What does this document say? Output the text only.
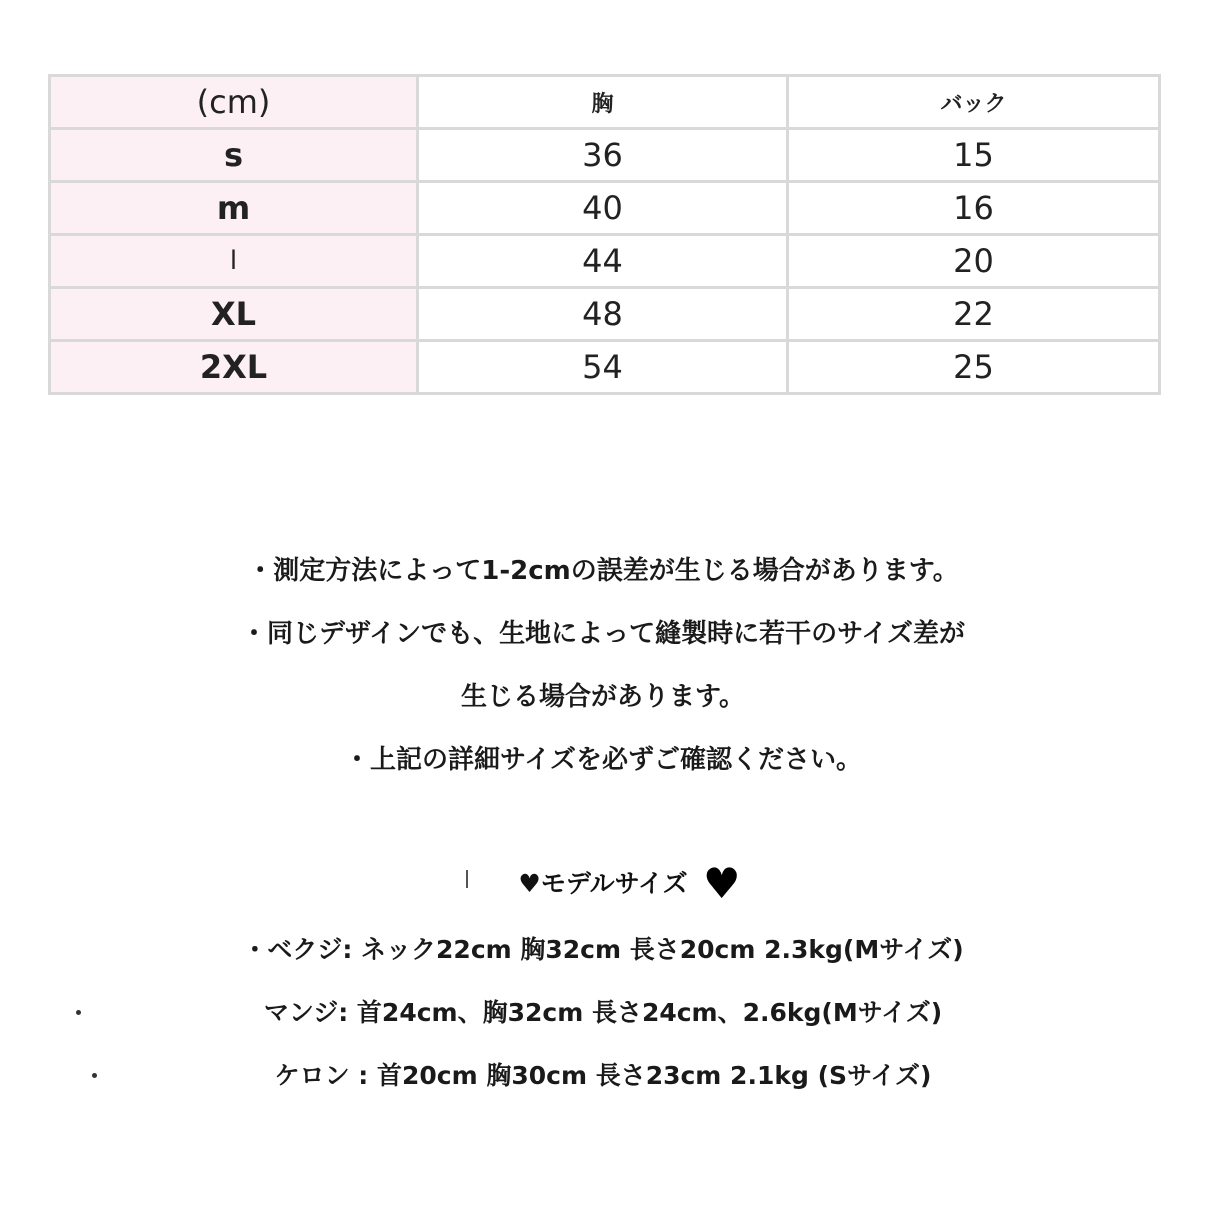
(cm)	胸	バック
s	36	15
m	40	16
l	44	20
XL	48	22
2XL	54	25
・測定方法によって1-2cmの誤差が生じる場合があります。
・同じデザインでも、生地によって縫製時に若干のサイズ差が
生じる場合があります。
・上記の詳細サイズを必ずご確認ください。
♥モデルサイズ ♥
・ベクジ: ネック22cm 胸32cm 長さ20cm 2.3kg(Mサイズ)
マンジ: 首24cm、胸32cm 長さ24cm、2.6kg(Mサイズ)
ケロン : 首20cm 胸30cm 長さ23cm 2.1kg (Sサイズ)
